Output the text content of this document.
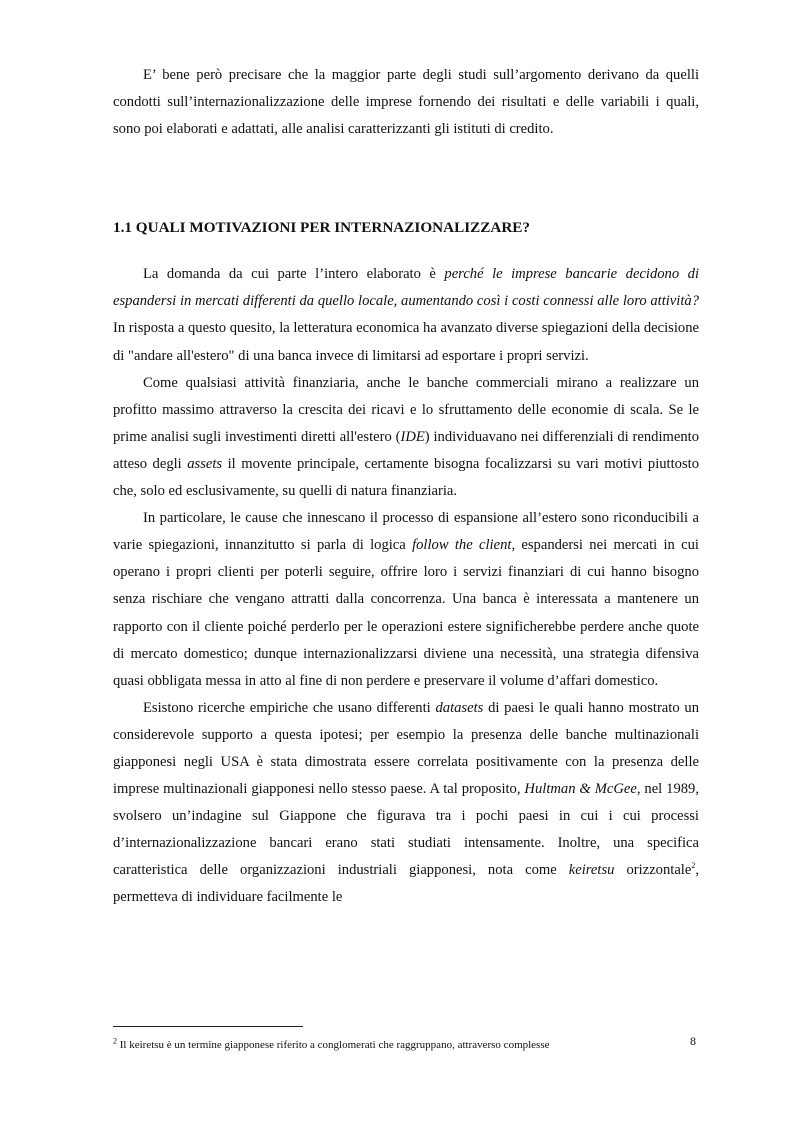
E’ bene però precisare che la maggior parte degli studi sull’argomento derivano da quelli condotti sull’internazionalizzazione delle imprese fornendo dei risultati e delle variabili i quali, sono poi elaborati e adattati, alle analisi caratterizzanti gli istituti di credito.

1.1 QUALI MOTIVAZIONI PER INTERNAZIONALIZZARE?

La domanda da cui parte l’intero elaborato è perché le imprese bancarie decidono di espandersi in mercati differenti da quello locale, aumentando così i costi connessi alle loro attività? In risposta a questo quesito, la letteratura economica ha avanzato diverse spiegazioni della decisione di "andare all'estero" di una banca invece di limitarsi ad esportare i propri servizi.

Come qualsiasi attività finanziaria, anche le banche commerciali mirano a realizzare un profitto massimo attraverso la crescita dei ricavi e lo sfruttamento delle economie di scala. Se le prime analisi sugli investimenti diretti all'estero (IDE) individuavano nei differenziali di rendimento atteso degli assets il movente principale, certamente bisogna focalizzarsi su vari motivi piuttosto che, solo ed esclusivamente, su quelli di natura finanziaria.

In particolare, le cause che innescano il processo di espansione all’estero sono riconducibili a varie spiegazioni, innanzitutto si parla di logica follow the client, espandersi nei mercati in cui operano i propri clienti per poterli seguire, offrire loro i servizi finanziari di cui hanno bisogno senza rischiare che vengano attratti dalla concorrenza. Una banca è interessata a mantenere un rapporto con il cliente poiché perderlo per le operazioni estere significherebbe perdere anche quote di mercato domestico; dunque internazionalizzarsi diviene una necessità, una strategia difensiva quasi obbligata messa in atto al fine di non perdere e preservare il volume d’affari domestico.

Esistono ricerche empiriche che usano differenti datasets di paesi le quali hanno mostrato un considerevole supporto a questa ipotesi; per esempio la presenza delle banche multinazionali giapponesi negli USA è stata dimostrata essere correlata positivamente con la presenza delle imprese multinazionali giapponesi nello stesso paese. A tal proposito, Hultman & McGee, nel 1989, svolsero un’indagine sul Giappone che figurava tra i pochi paesi in cui i cui processi d’internazionalizzazione bancari erano stati studiati intensamente. Inoltre, una specifica caratteristica delle organizzazioni industriali giapponesi, nota come keiretsu orizzontale$^2$, permetteva di individuare facilmente le

$^2$ Il keiretsu è un termine giapponese riferito a conglomerati che raggruppano, attraverso complesse	8
